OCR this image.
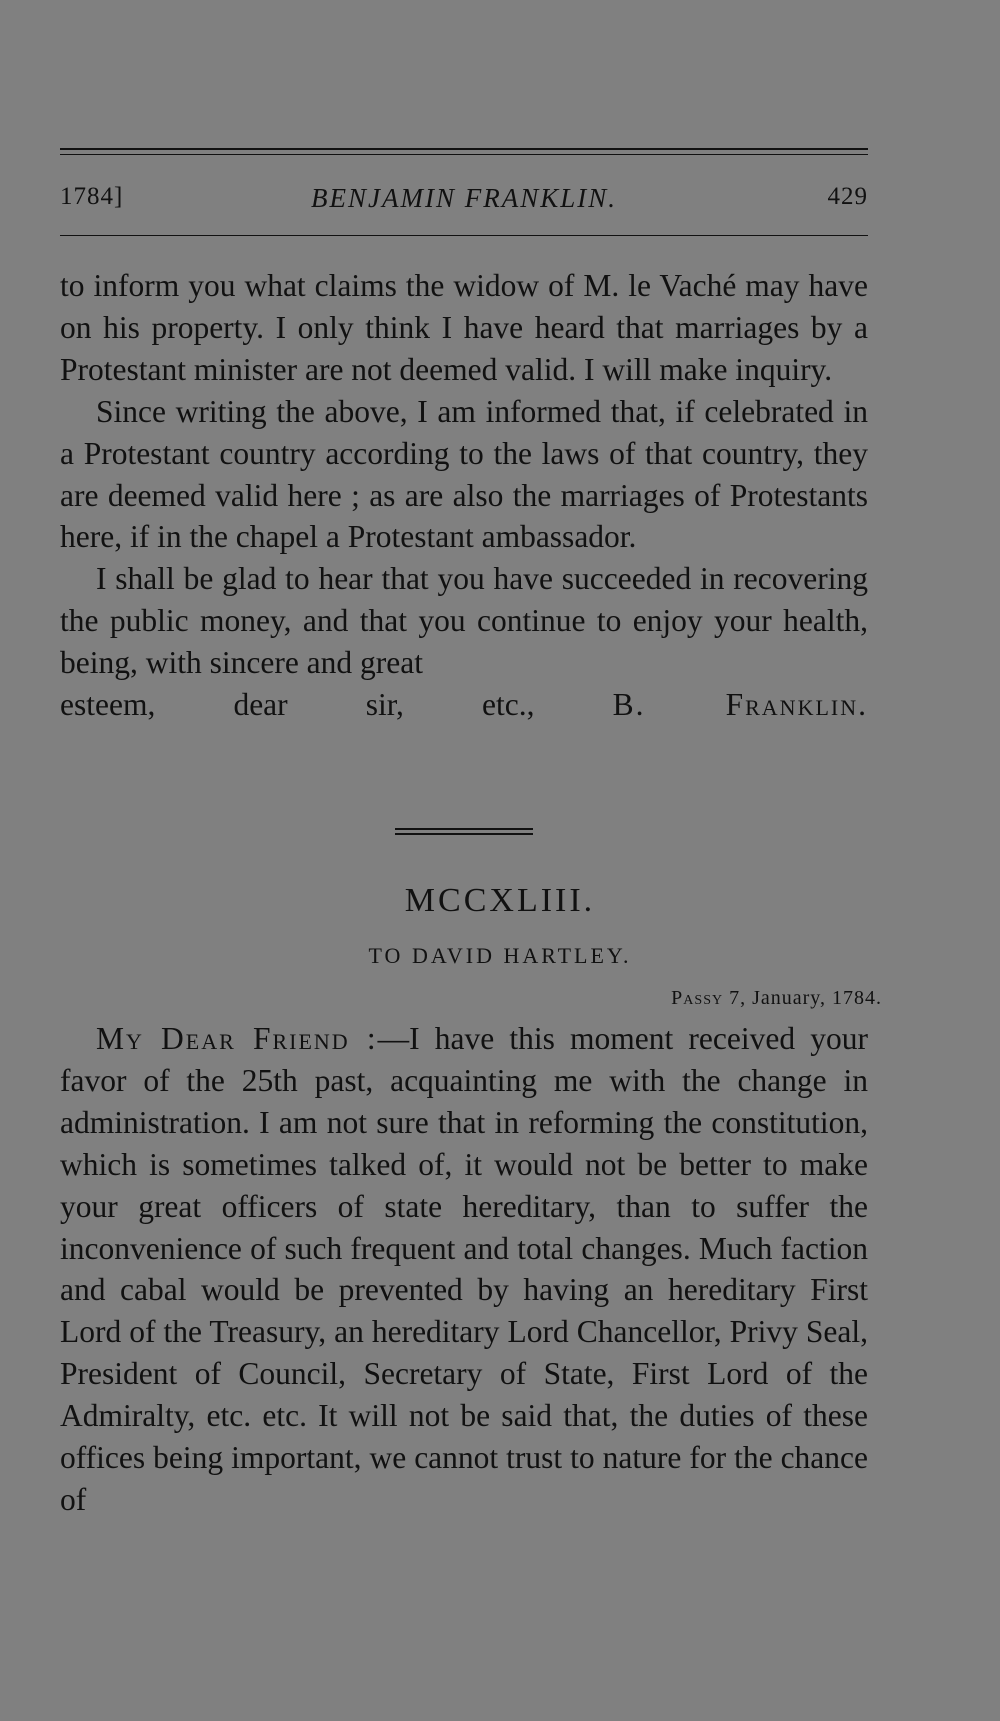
1784]	BENJAMIN FRANKLIN.	429

to inform you what claims the widow of M. le Vaché may have on his property. I only think I have heard that marriages by a Protestant minister are not deemed valid. I will make inquiry.

Since writing the above, I am informed that, if celebrated in a Protestant country according to the laws of that country, they are deemed valid here ; as are also the marriages of Protestants here, if in the chapel a Protestant ambassador.

I shall be glad to hear that you have succeeded in recovering the public money, and that you continue to enjoy your health, being, with sincere and great

esteem, dear sir, etc., B. Franklin.

MCCXLIII.
TO DAVID HARTLEY.
Passy 7, January, 1784.

My Dear Friend :—I have this moment received your favor of the 25th past, acquainting me with the change in administration. I am not sure that in reforming the constitution, which is sometimes talked of, it would not be better to make your great officers of state hereditary, than to suffer the inconvenience of such frequent and total changes. Much faction and cabal would be prevented by having an hereditary First Lord of the Treasury, an hereditary Lord Chancellor, Privy Seal, President of Council, Secretary of State, First Lord of the Admiralty, etc. etc. It will not be said that, the duties of these offices being important, we cannot trust to nature for the chance of
